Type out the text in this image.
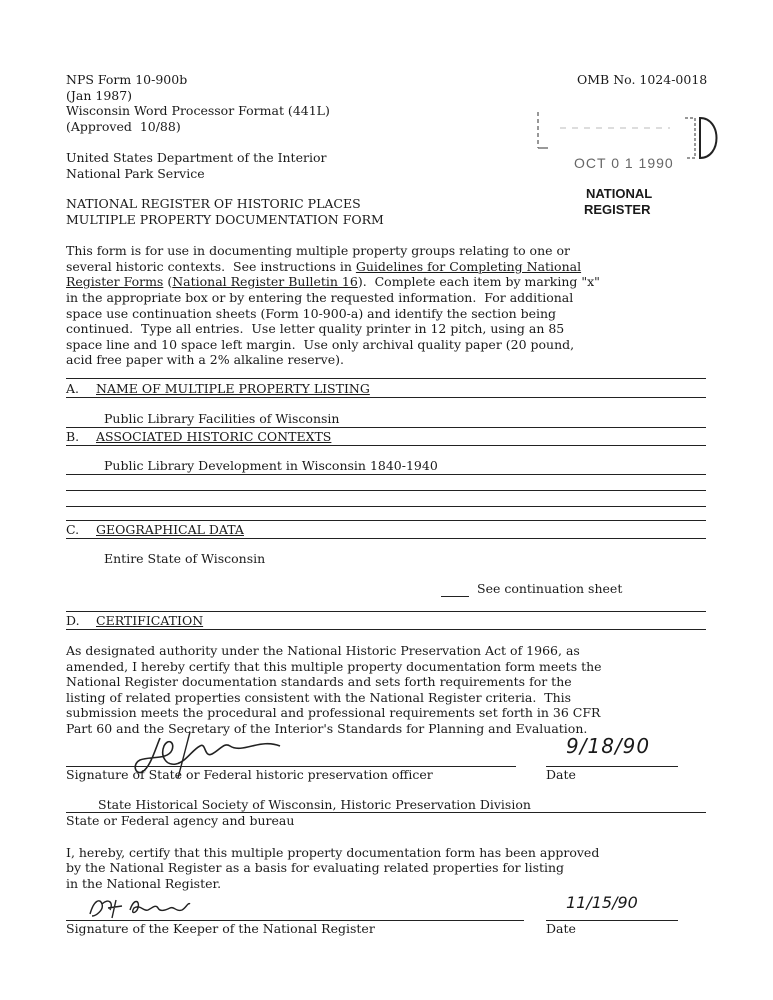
NPS Form 10-900b
(Jan 1987)
Wisconsin Word Processor Format (441L)
(Approved  10/88)
OMB No. 1024-0018
United States Department of the Interior
National Park Service
NATIONAL REGISTER OF HISTORIC PLACES
MULTIPLE PROPERTY DOCUMENTATION FORM
OCT 0 1 1990
NATIONAL
REGISTER
This form is for use in documenting multiple property groups relating to one or
several historic contexts.  See instructions in Guidelines for Completing National
Register Forms (National Register Bulletin 16).  Complete each item by marking "x"
in the appropriate box or by entering the requested information.  For additional
space use continuation sheets (Form 10-900-a) and identify the section being
continued.  Type all entries.  Use letter quality printer in 12 pitch, using an 85
space line and 10 space left margin.  Use only archival quality paper (20 pound,
acid free paper with a 2% alkaline reserve).
A. NAME OF MULTIPLE PROPERTY LISTING
Public Library Facilities of Wisconsin
B. ASSOCIATED HISTORIC CONTEXTS
Public Library Development in Wisconsin 1840-1940
C. GEOGRAPHICAL DATA
Entire State of Wisconsin
See continuation sheet
D. CERTIFICATION
As designated authority under the National Historic Preservation Act of 1966, as
amended, I hereby certify that this multiple property documentation form meets the
National Register documentation standards and sets forth requirements for the
listing of related properties consistent with the National Register criteria.  This
submission meets the procedural and professional requirements set forth in 36 CFR
Part 60 and the Secretary of the Interior's Standards for Planning and Evaluation.
Signature of State or Federal historic preservation officer
9/18/90
Date
State Historical Society of Wisconsin, Historic Preservation Division
State or Federal agency and bureau
I, hereby, certify that this multiple property documentation form has been approved
by the National Register as a basis for evaluating related properties for listing
in the National Register.
Signature of the Keeper of the National Register
11/15/90
Date
